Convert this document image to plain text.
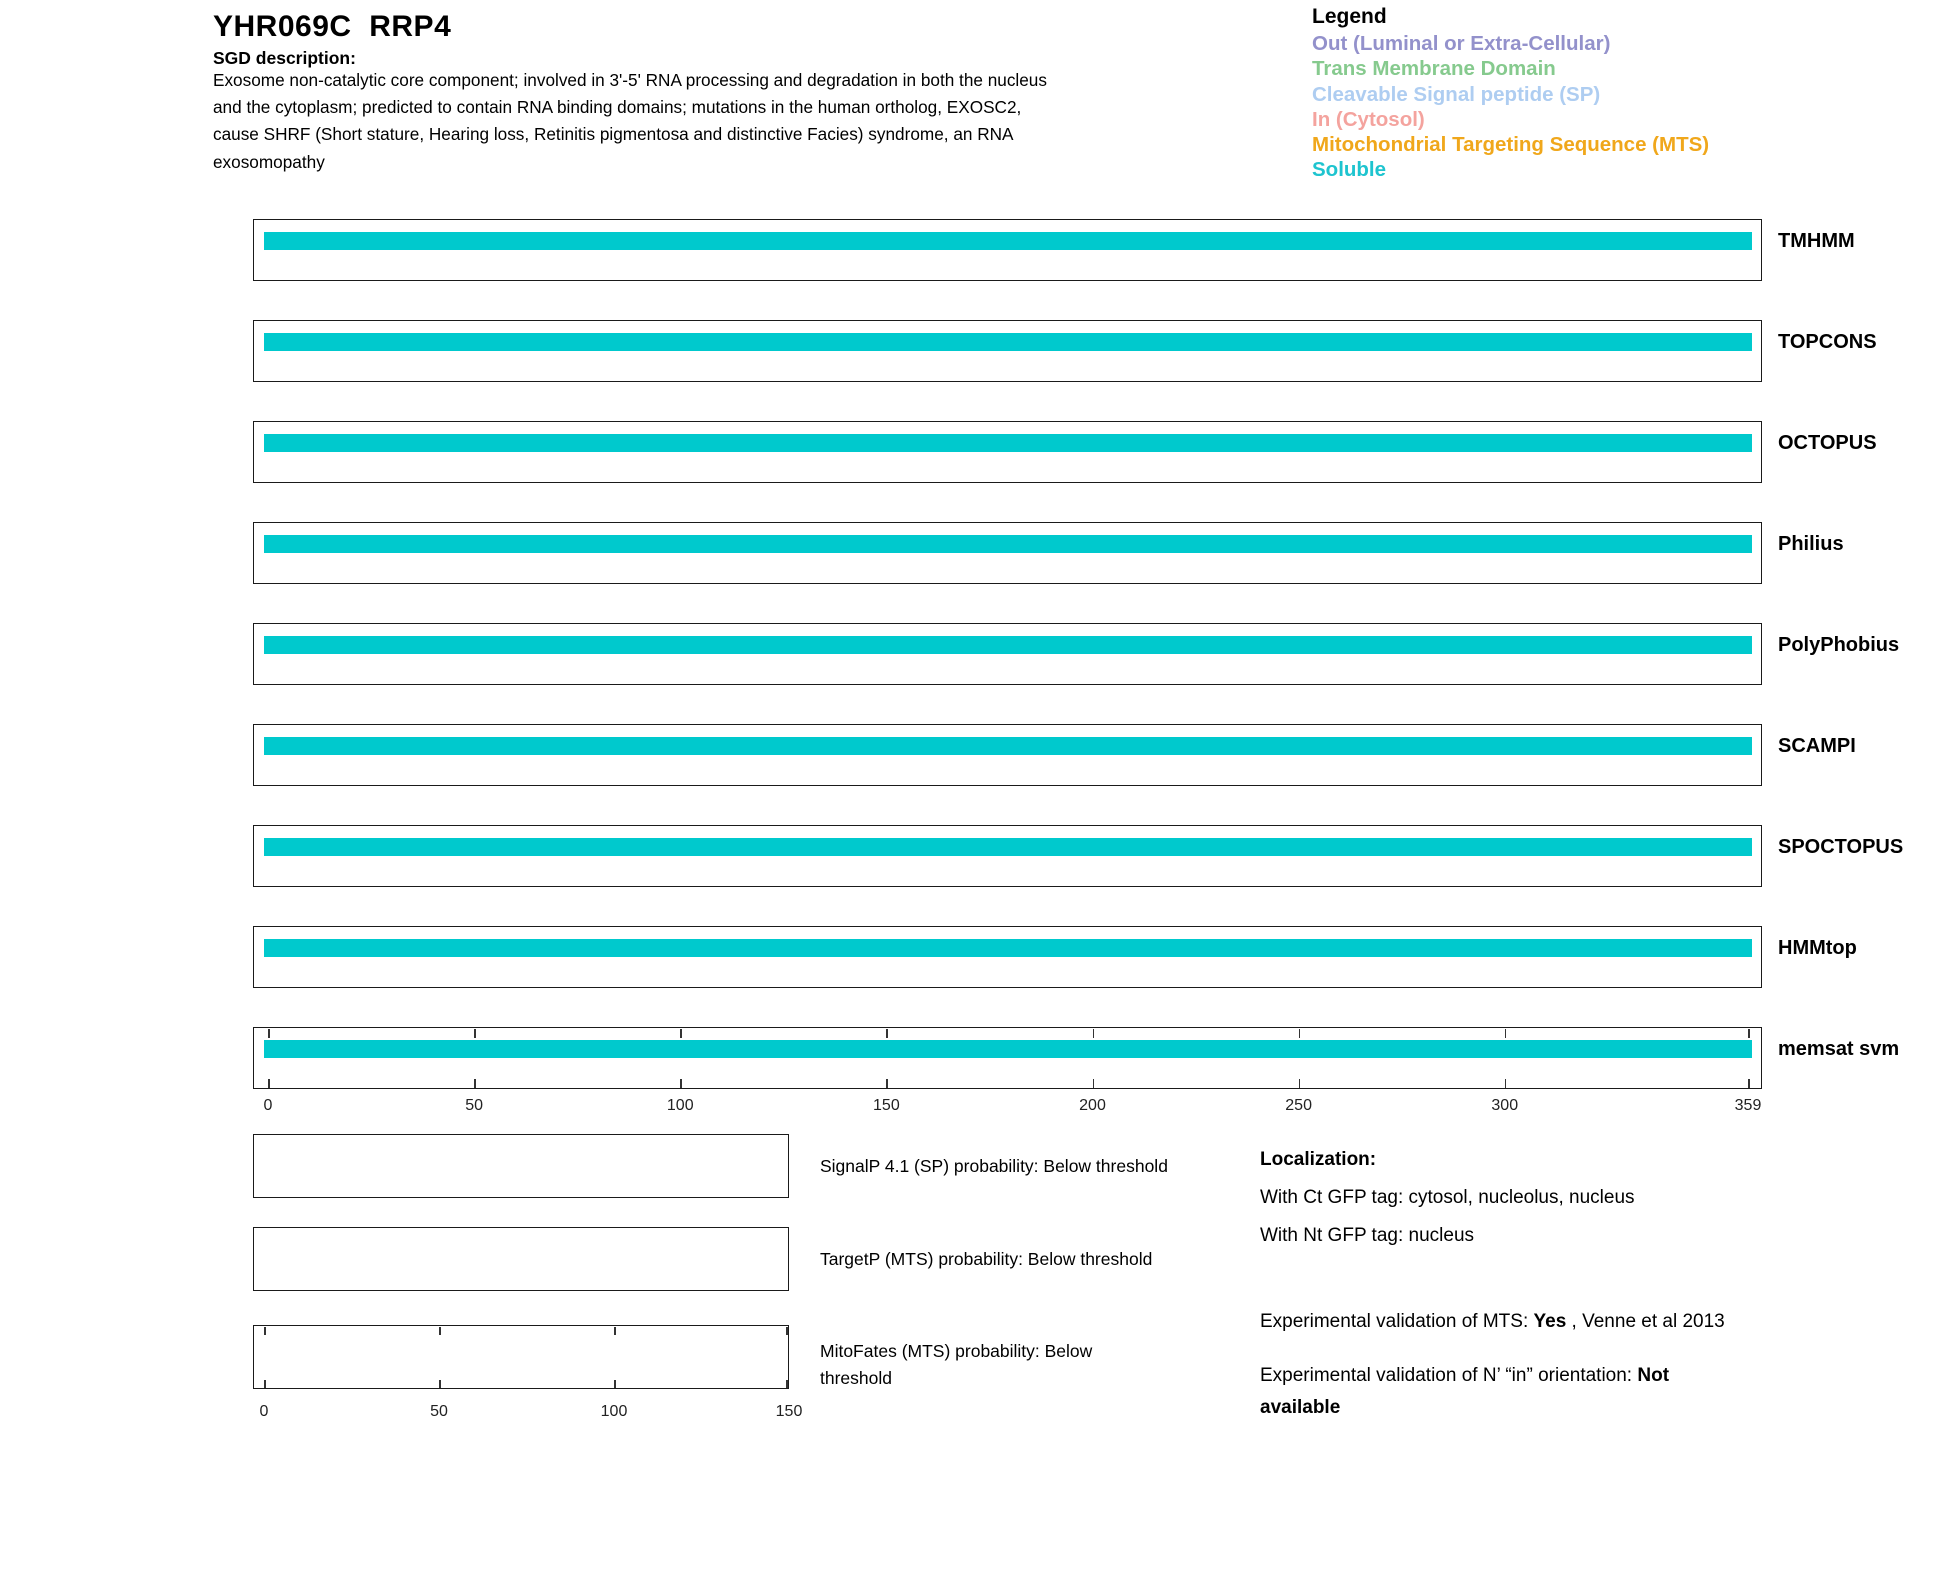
YHR069C  RRP4
SGD description:
Exosome non-catalytic core component; involved in 3'-5' RNA processing and degradation in both the nucleus and the cytoplasm; predicted to contain RNA binding domains; mutations in the human ortholog, EXOSC2, cause SHRF (Short stature, Hearing loss, Retinitis pigmentosa and distinctive Facies) syndrome, an RNA exosomopathy
Legend
Out (Luminal or Extra-Cellular)
Trans Membrane Domain
Cleavable Signal peptide (SP)
In (Cytosol)
Mitochondrial Targeting Sequence (MTS)
Soluble
TMHMM
TOPCONS
OCTOPUS
Philius
PolyPhobius
SCAMPI
SPOCTOPUS
HMMtop
memsat svm
0	50	100	150	200	250	300	359
SignalP 4.1 (SP) probability: Below threshold
TargetP (MTS) probability: Below threshold
0	50	100	150
MitoFates (MTS) probability: Below threshold
Localization:
With Ct GFP tag: cytosol, nucleolus, nucleus
With Nt GFP tag: nucleus
Experimental validation of MTS: Yes , Venne et al 2013
Experimental validation of N’ “in” orientation: Not available
